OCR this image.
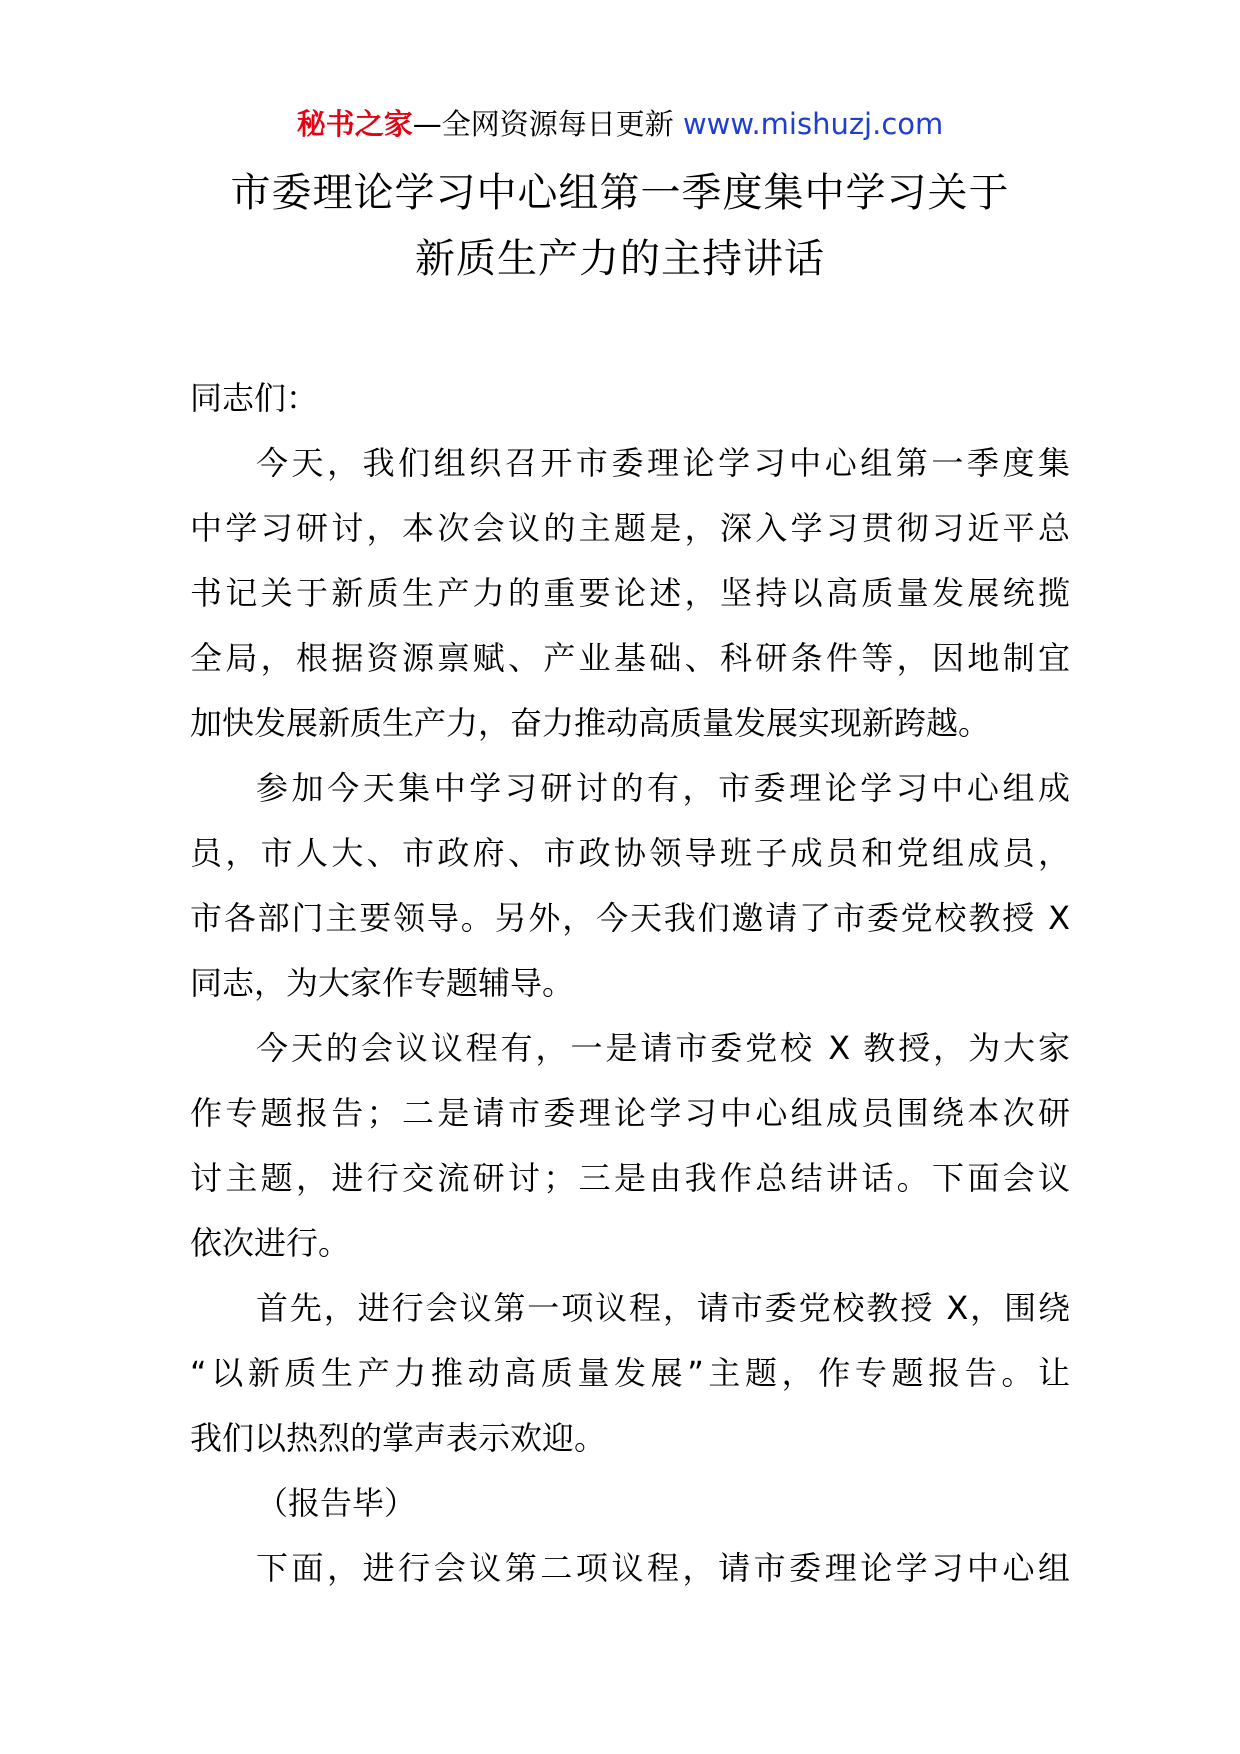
秘书之家—全网资源每日更新 www.mishuzj.com
市委理论学习中心组第一季度集中学习关于
新质生产力的主持讲话
同志们：
今天，我们组织召开市委理论学习中心组第一季度集
中学习研讨，本次会议的主题是，深入学习贯彻习近平总
书记关于新质生产力的重要论述，坚持以高质量发展统揽
全局，根据资源禀赋、产业基础、科研条件等，因地制宜
加快发展新质生产力，奋力推动高质量发展实现新跨越。
参加今天集中学习研讨的有，市委理论学习中心组成
员，市人大、市政府、市政协领导班子成员和党组成员，
市各部门主要领导。另外，今天我们邀请了市委党校教授 X
同志，为大家作专题辅导。
今天的会议议程有，一是请市委党校 X 教授，为大家
作专题报告；二是请市委理论学习中心组成员围绕本次研
讨主题，进行交流研讨；三是由我作总结讲话。下面会议
依次进行。
首先，进行会议第一项议程，请市委党校教授 X，围绕
“以新质生产力推动高质量发展”主题，作专题报告。让
我们以热烈的掌声表示欢迎。
（报告毕）
下面，进行会议第二项议程，请市委理论学习中心组
